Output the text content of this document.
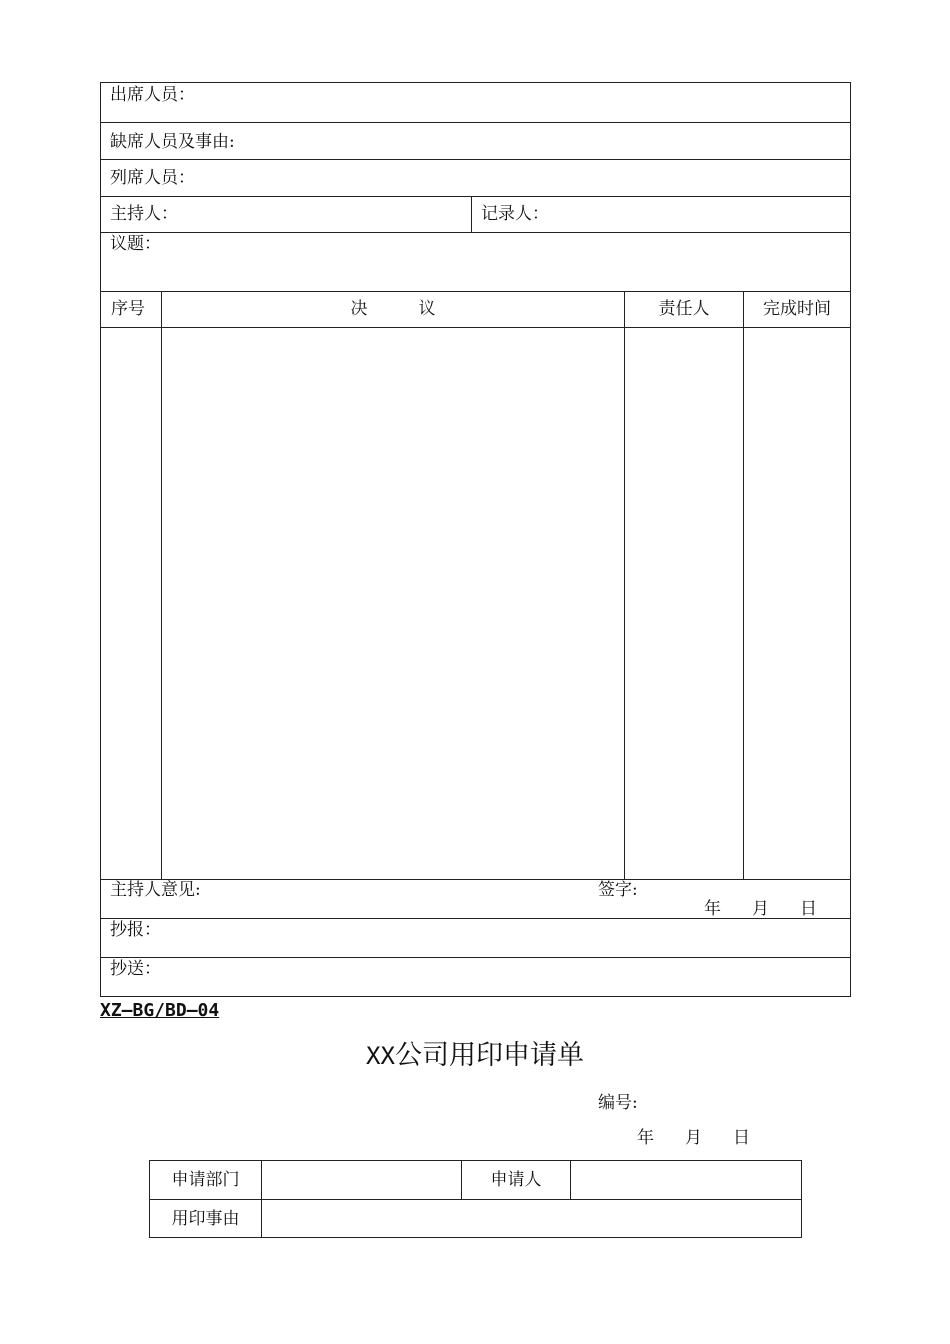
出席人员：
缺席人员及事由:
列席人员：
主持人：	记录人：
议题：
序号	决　　　议	责任人	完成时间
主持人意见:	签字:
年 月 日
抄报：
抄送：
XZ—BG/BD—04
XX公司用印申请单
编号:
年 月 日
申请部门	申请人
用印事由
